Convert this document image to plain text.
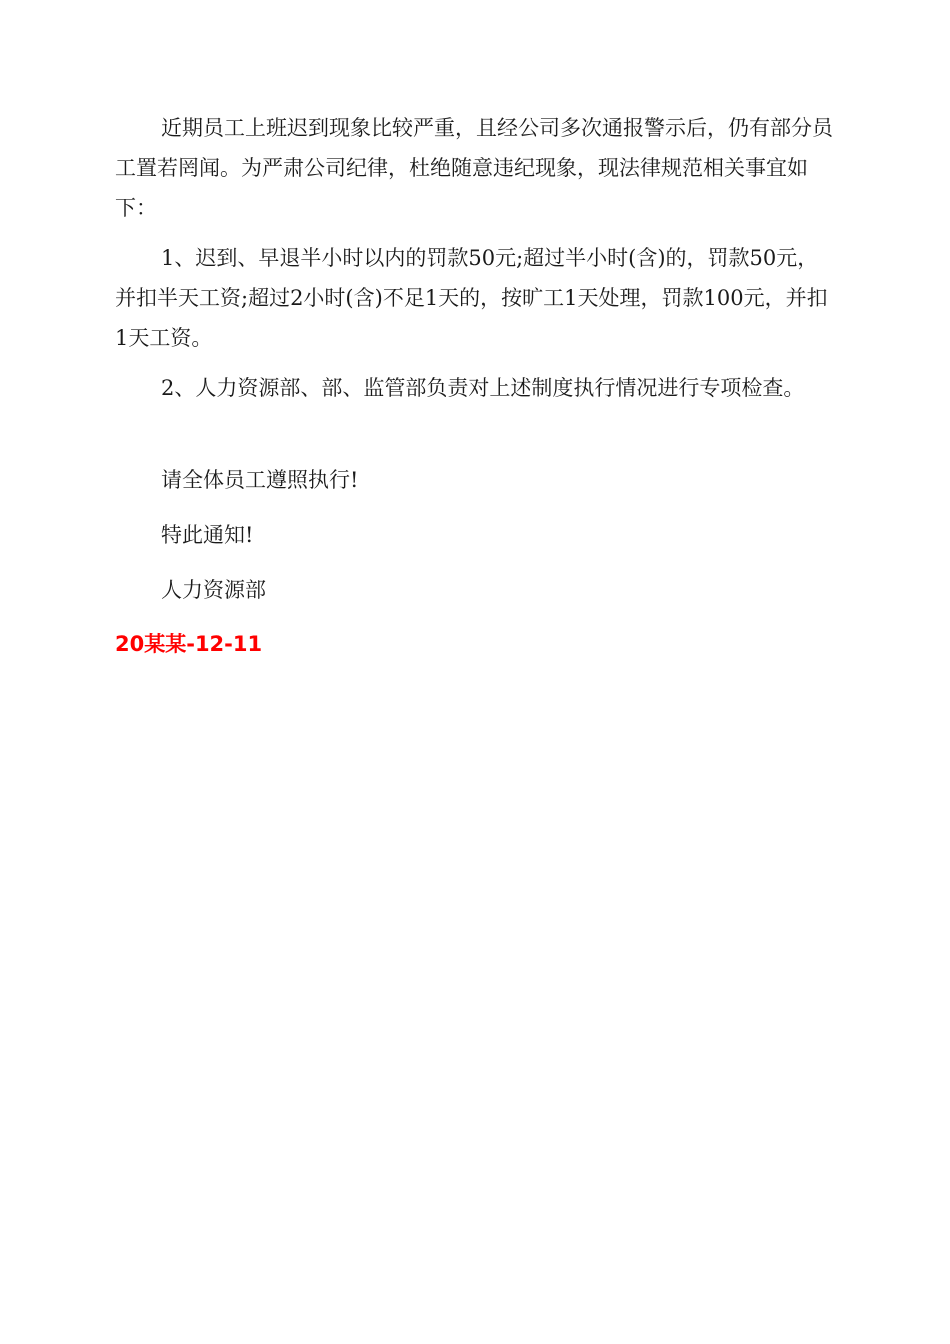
近期员工上班迟到现象比较严重，且经公司多次通报警示后，仍有部分员工置若罔闻。为严肃公司纪律，杜绝随意违纪现象，现法律规范相关事宜如下：

1、迟到、早退半小时以内的罚款50元;超过半小时(含)的，罚款50元，并扣半天工资;超过2小时(含)不足1天的，按旷工1天处理，罚款100元，并扣1天工资。

2、人力资源部、部、监管部负责对上述制度执行情况进行专项检查。

请全体员工遵照执行!

特此通知!

人力资源部

20某某-12-11
